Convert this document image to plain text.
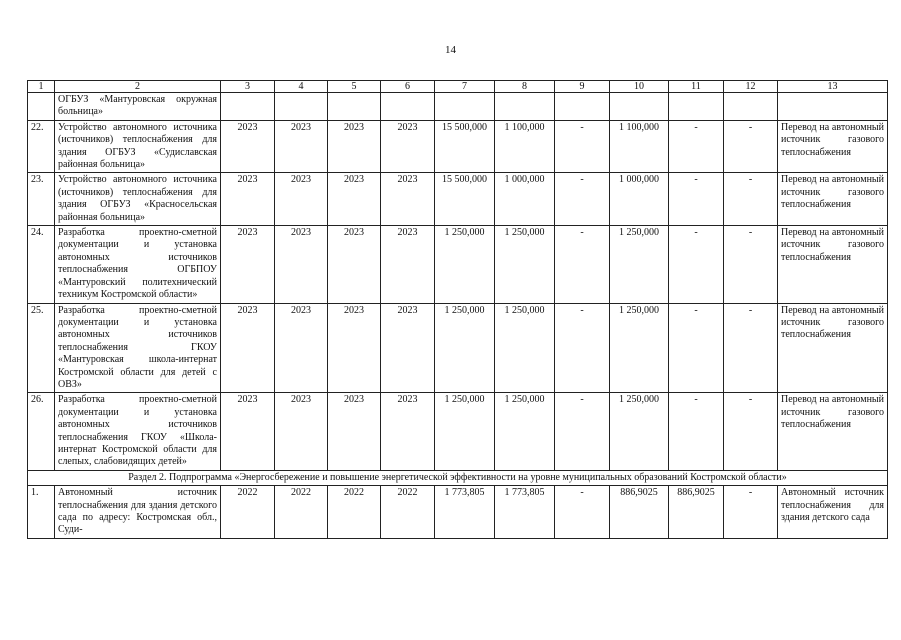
14
1	2	3	4	5	6	7	8	9	10	11	12	13
	ОГБУЗ «Мантуровская окружная больница»											
22.	Устройство автономного источника (источников) теплоснабжения для здания ОГБУЗ «Судиславская районная больница»	2023	2023	2023	2023	15 500,000	1 100,000	-	1 100,000	-	-	Перевод на автономный источник газового теплоснабжения
23.	Устройство автономного источника (источников) теплоснабжения для здания ОГБУЗ «Красносельская районная больница»	2023	2023	2023	2023	15 500,000	1 000,000	-	1 000,000	-	-	Перевод на автономный источник газового теплоснабжения
24.	Разработка проектно-сметной документации и установка автономных источников теплоснабжения ОГБПОУ «Мантуровский политехнический техникум Костромской области»	2023	2023	2023	2023	1 250,000	1 250,000	-	1 250,000	-	-	Перевод на автономный источник газового теплоснабжения
25.	Разработка проектно-сметной документации и установка автономных источников теплоснабжения ГКОУ «Мантуровская школа-интернат Костромской области для детей с ОВЗ»	2023	2023	2023	2023	1 250,000	1 250,000	-	1 250,000	-	-	Перевод на автономный источник газового теплоснабжения
26.	Разработка проектно-сметной документации и установка автономных источников теплоснабжения ГКОУ «Школа-интернат Костромской области для слепых, слабовидящих детей»	2023	2023	2023	2023	1 250,000	1 250,000	-	1 250,000	-	-	Перевод на автономный источник газового теплоснабжения
Раздел 2. Подпрограмма «Энергосбережение и повышение энергетической эффективности на уровне муниципальных образований Костромской области»												
1.	Автономный источник теплоснабжения для здания детского сада по адресу: Костромская обл., Суди-	2022	2022	2022	2022	1 773,805	1 773,805	-	886,9025	886,9025	-	Автономный источник теплоснабжения для здания детского сада
